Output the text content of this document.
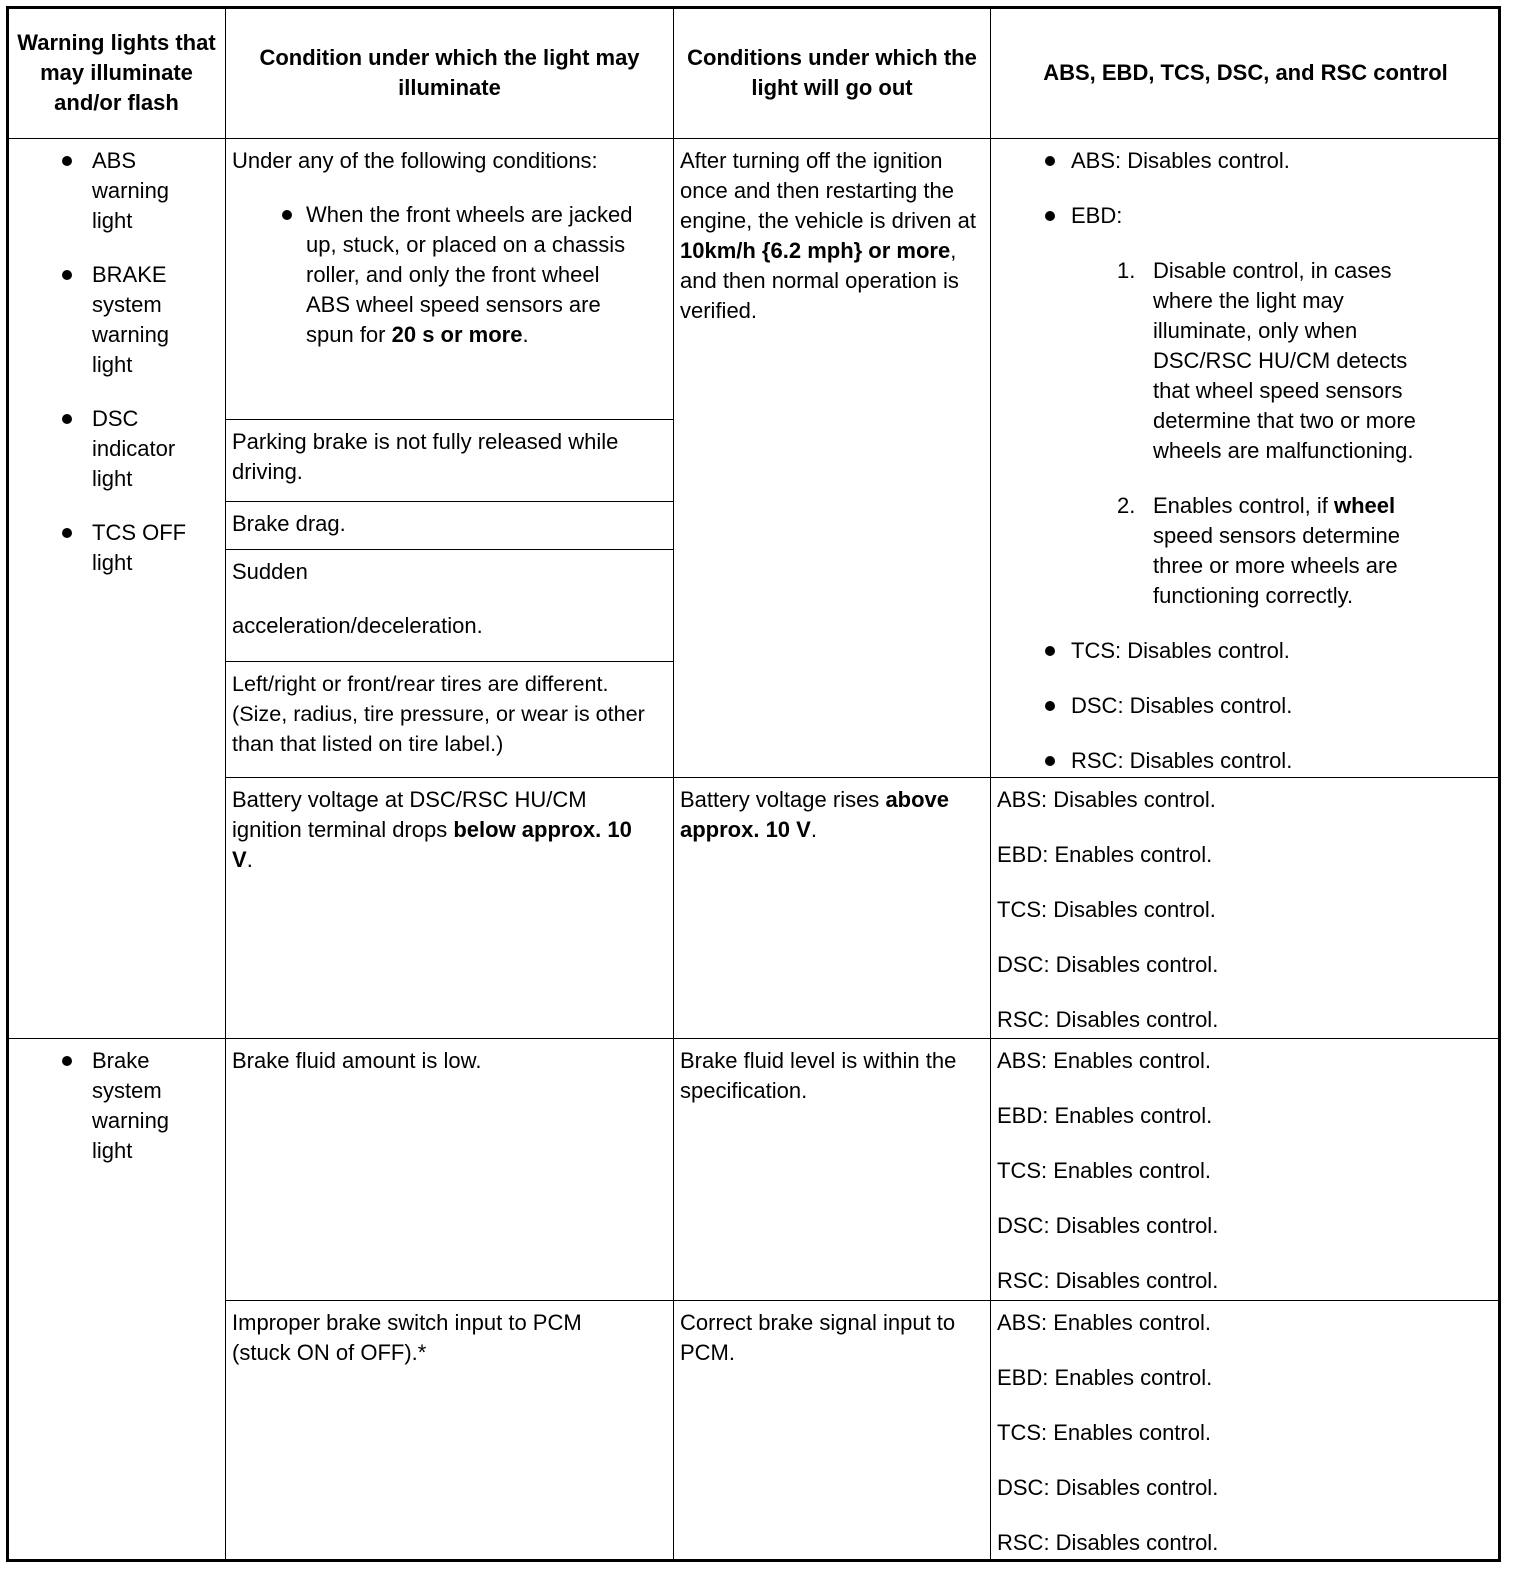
Warning lights that may illuminate and/or flash
Condition under which the light may illuminate
Conditions under which the light will go out
ABS, EBD, TCS, DSC, and RSC control
ABS warning light
BRAKE system warning light
DSC indicator light
TCS OFF light
Under any of the following conditions:
When the front wheels are jacked up, stuck, or placed on a chassis roller, and only the front wheel ABS wheel speed sensors are spun for 20 s or more.
Parking brake is not fully released while driving.
Brake drag.
Sudden
acceleration/deceleration.
Left/right or front/rear tires are different. (Size, radius, tire pressure, or wear is other than that listed on tire label.)
After turning off the ignition once and then restarting the engine, the vehicle is driven at 10km/h {6.2 mph} or more, and then normal operation is verified.
ABS: Disables control.
EBD:
1. Disable control, in cases where the light may illuminate, only when DSC/RSC HU/CM detects that wheel speed sensors determine that two or more wheels are malfunctioning.
2. Enables control, if wheel speed sensors determine three or more wheels are functioning correctly.
TCS: Disables control.
DSC: Disables control.
RSC: Disables control.
Battery voltage at DSC/RSC HU/CM ignition terminal drops below approx. 10 V.
Battery voltage rises above approx. 10 V.
ABS: Disables control.
EBD: Enables control.
TCS: Disables control.
DSC: Disables control.
RSC: Disables control.
Brake system warning light
Brake fluid amount is low.	Brake fluid level is within the specification.
ABS: Enables control.
EBD: Enables control.
TCS: Enables control.
DSC: Disables control.
RSC: Disables control.
Improper brake switch input to PCM (stuck ON of OFF).*
Correct brake signal input to PCM.
ABS: Enables control.
EBD: Enables control.
TCS: Enables control.
DSC: Disables control.
RSC: Disables control.
